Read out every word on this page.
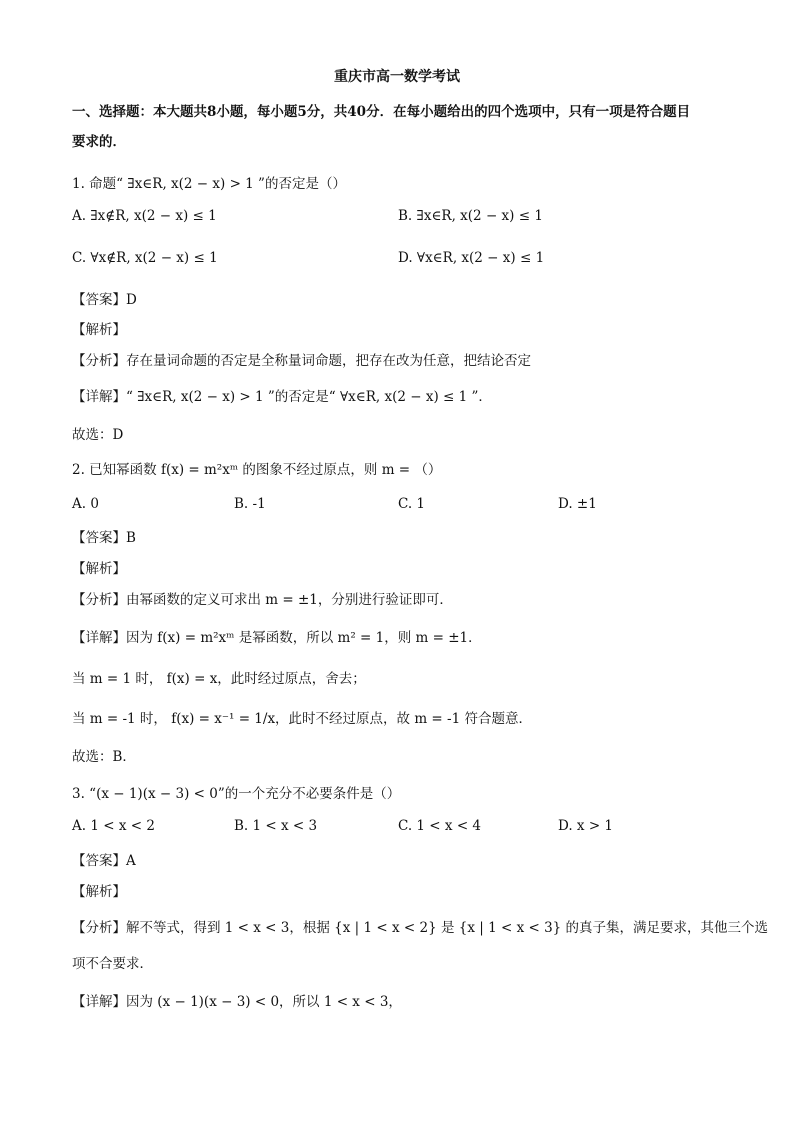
重庆市高一数学考试
一、选择题：本大题共8小题，每小题5分，共40分．在每小题给出的四个选项中，只有一项是符合题目
要求的．
1. 命题“ ∃x∈R, x(2 − x) > 1 ”的否定是（）
A. ∃x∉R, x(2 − x) ≤ 1	B. ∃x∈R, x(2 − x) ≤ 1
C. ∀x∉R, x(2 − x) ≤ 1	D. ∀x∈R, x(2 − x) ≤ 1
【答案】D
【解析】
【分析】存在量词命题的否定是全称量词命题，把存在改为任意，把结论否定
【详解】“ ∃x∈R, x(2 − x) > 1 ”的否定是“ ∀x∈R, x(2 − x) ≤ 1 ”．
故选：D
2. 已知幂函数 f(x) = m²xᵐ 的图象不经过原点，则 m = （）
A. 0	B. -1	C. 1	D. ±1
【答案】B
【解析】
【分析】由幂函数的定义可求出 m = ±1，分别进行验证即可．
【详解】因为 f(x) = m²xᵐ 是幂函数，所以 m² = 1，则 m = ±1．
当 m = 1 时， f(x) = x，此时经过原点，舍去；
当 m = -1 时， f(x) = x⁻¹ = 1/x，此时不经过原点，故 m = -1 符合题意．
故选：B．
3. “(x − 1)(x − 3) < 0”的一个充分不必要条件是（）
A. 1 < x < 2	B. 1 < x < 3	C. 1 < x < 4	D. x > 1
【答案】A
【解析】
【分析】解不等式，得到 1 < x < 3，根据 {x | 1 < x < 2} 是 {x | 1 < x < 3} 的真子集，满足要求，其他三个选
项不合要求．
【详解】因为 (x − 1)(x − 3) < 0，所以 1 < x < 3，
